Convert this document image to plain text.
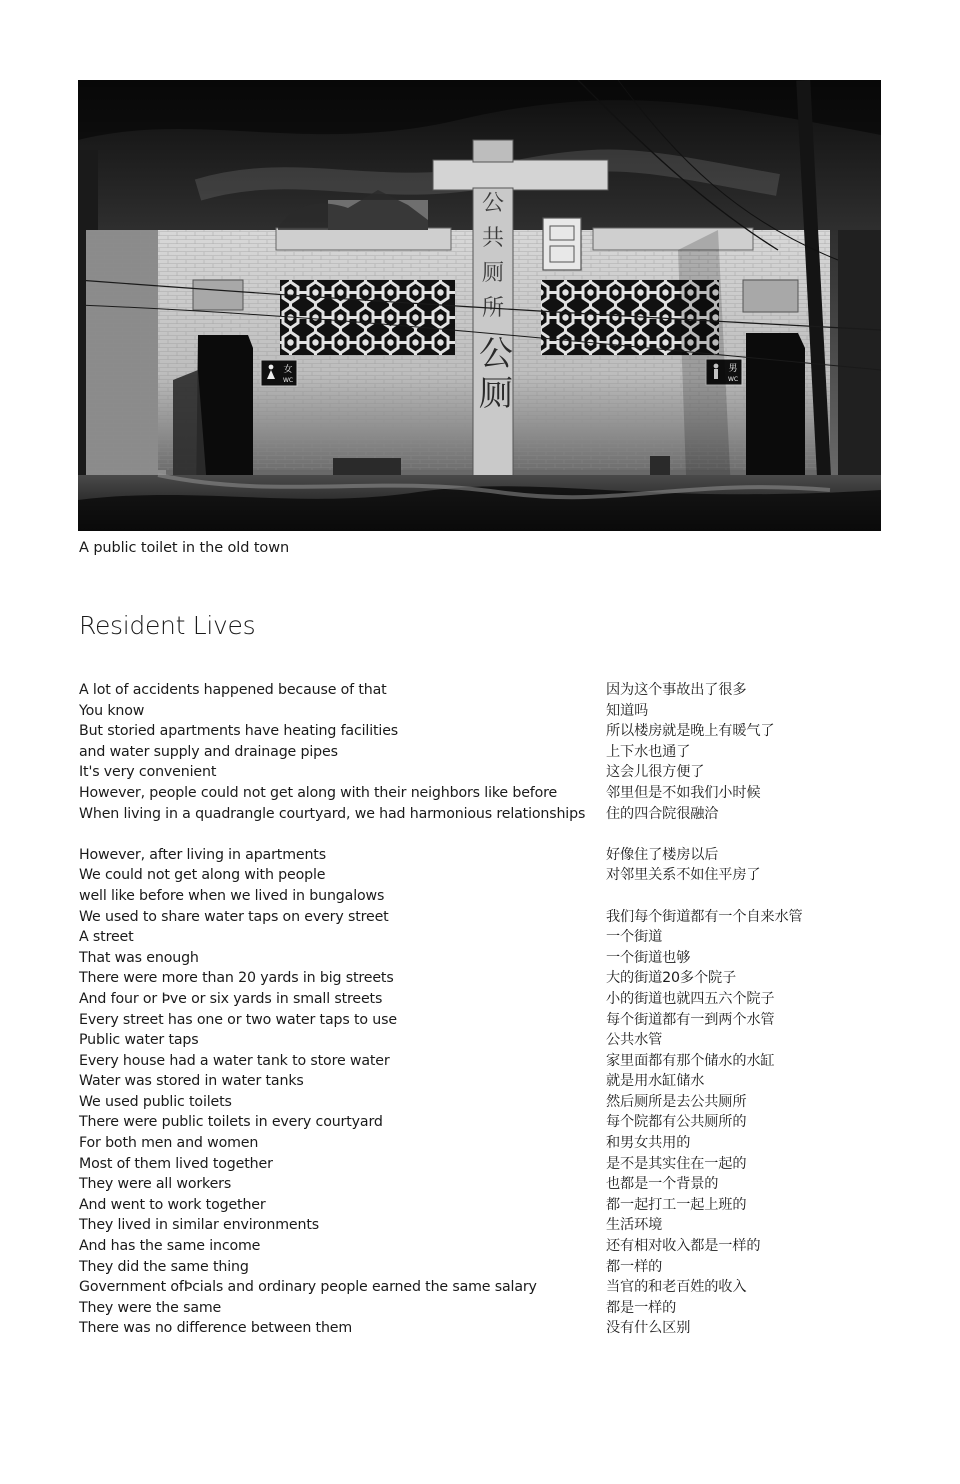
公
共
厕
所
公
厕
女
WC
男
WC
A public toilet in the old town
Resident Lives
A lot of accidents happened because of that
You know
But storied apartments have heating facilities
and water supply and drainage pipes
It's very convenient
However, people could not get along with their neighbors like before
When living in a quadrangle courtyard, we had harmonious relationships
However, after living in apartments
We could not get along with people
well like before when we lived in bungalows
We used to share water taps on every street
A street
That was enough
There were more than 20 yards in big streets
And four or Þve or six yards in small streets
Every street has one or two water taps to use
Public water taps
Every house had a water tank to store water
Water was stored in water tanks
We used public toilets
There were public toilets in every courtyard
For both men and women
Most of them lived together
They were all workers
And went to work together
They lived in similar environments
And has the same income
They did the same thing
Government ofÞcials and ordinary people earned the same salary
They were the same
There was no difference between them
因为这个事故出了很多
知道吗
所以楼房就是晚上有暖气了
上下水也通了
这会儿很方便了
邻里但是不如我们小时候
住的四合院很融洽
好像住了楼房以后
对邻里关系不如住平房了
我们每个街道都有一个自来水管
一个街道
一个街道也够
大的街道20多个院子
小的街道也就四五六个院子
每个街道都有一到两个水管
公共水管
家里面都有那个储水的水缸
就是用水缸储水
然后厕所是去公共厕所
每个院都有公共厕所的
和男女共用的
是不是其实住在一起的
也都是一个背景的
都一起打工一起上班的
生活环境
还有相对收入都是一样的
都一样的
当官的和老百姓的收入
都是一样的
没有什么区别
